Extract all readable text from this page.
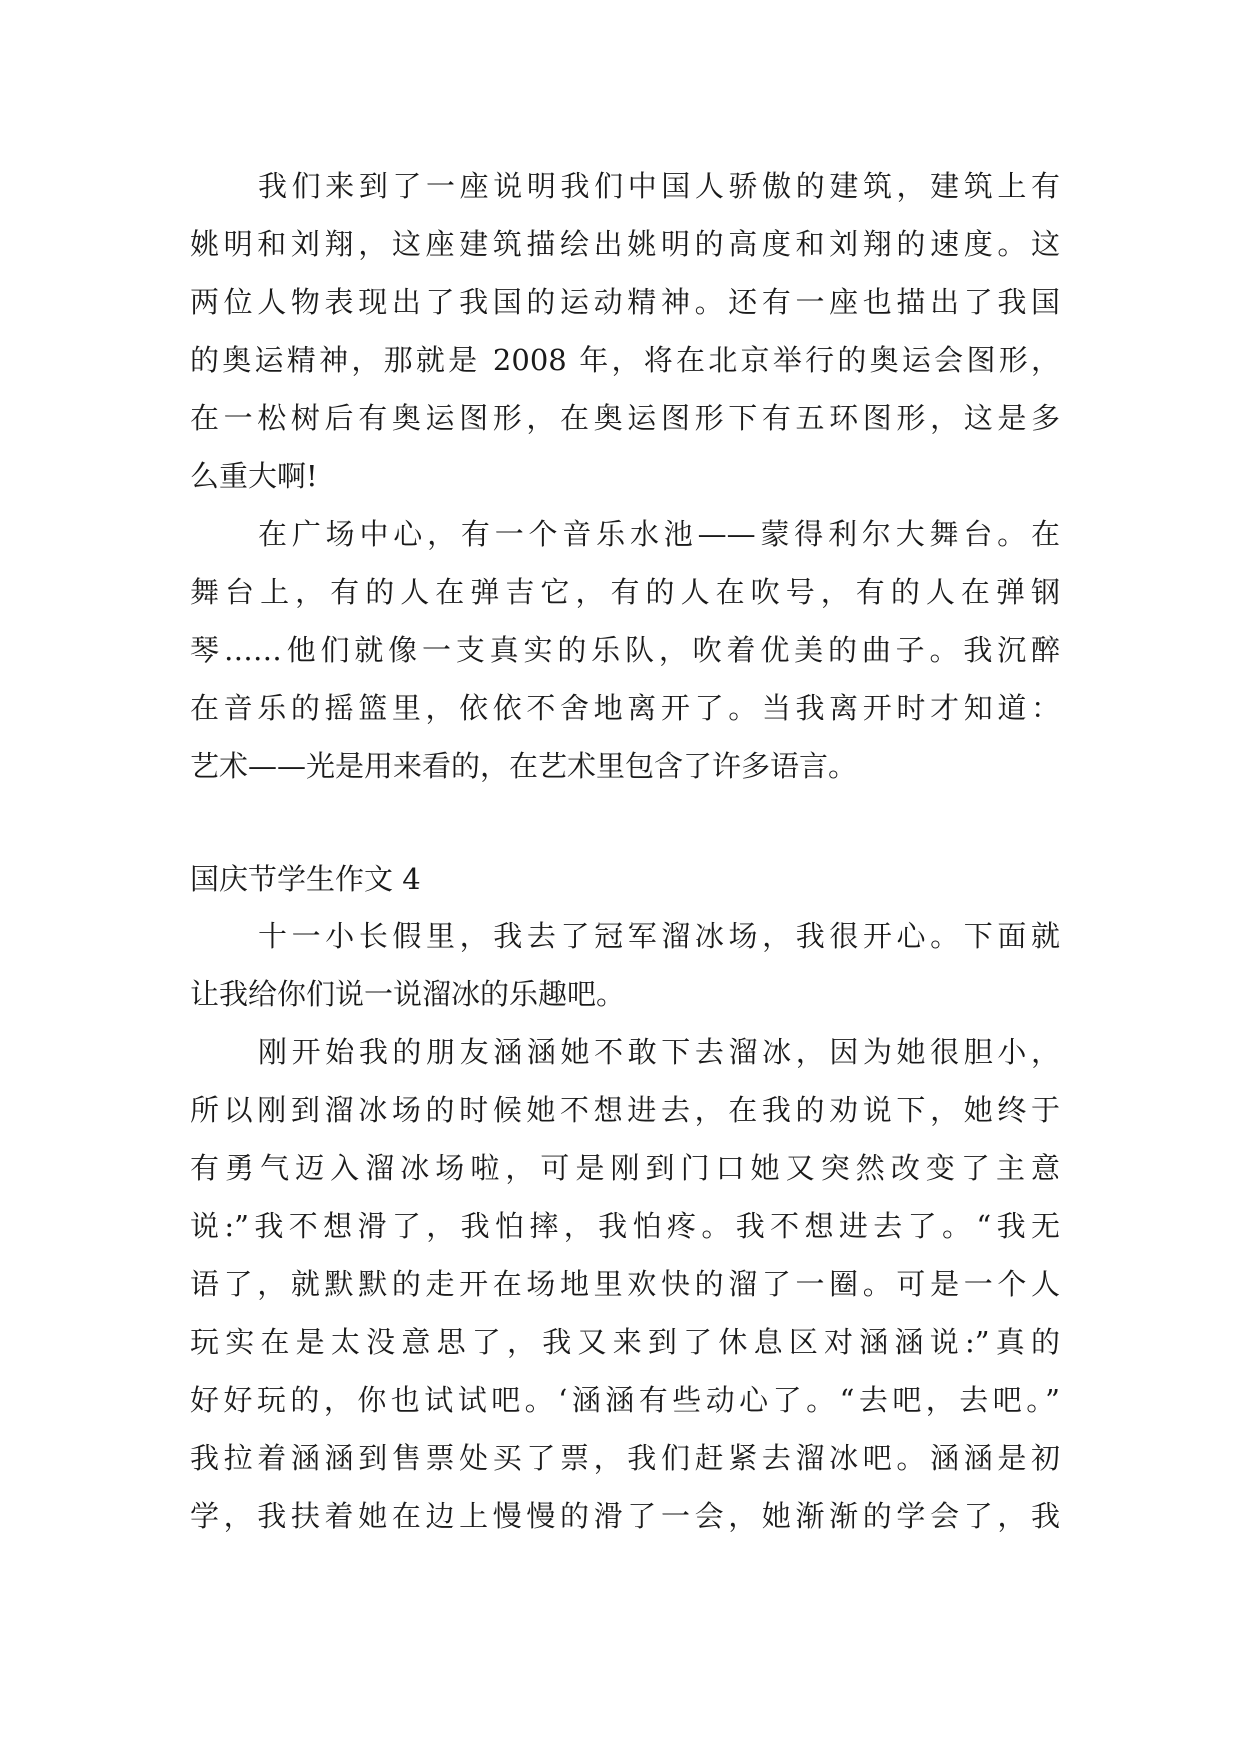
我们来到了一座说明我们中国人骄傲的建筑，建筑上有
姚明和刘翔，这座建筑描绘出姚明的高度和刘翔的速度。这
两位人物表现出了我国的运动精神。还有一座也描出了我国
的奥运精神，那就是 2008 年，将在北京举行的奥运会图形，
在一松树后有奥运图形，在奥运图形下有五环图形，这是多
么重大啊!
在广场中心，有一个音乐水池——蒙得利尔大舞台。在
舞台上，有的人在弹吉它，有的人在吹号，有的人在弹钢
琴……他们就像一支真实的乐队，吹着优美的曲子。我沉醉
在音乐的摇篮里，依依不舍地离开了。当我离开时才知道：
艺术——光是用来看的，在艺术里包含了许多语言。
国庆节学生作文 4
十一小长假里，我去了冠军溜冰场，我很开心。下面就
让我给你们说一说溜冰的乐趣吧。
刚开始我的朋友涵涵她不敢下去溜冰，因为她很胆小，
所以刚到溜冰场的时候她不想进去，在我的劝说下，她终于
有勇气迈入溜冰场啦，可是刚到门口她又突然改变了主意
说:”我不想滑了，我怕摔，我怕疼。我不想进去了。“我无
语了，就默默的走开在场地里欢快的溜了一圈。可是一个人
玩实在是太没意思了，我又来到了休息区对涵涵说:”真的
好好玩的，你也试试吧。‘涵涵有些动心了。“去吧，去吧。”
我拉着涵涵到售票处买了票，我们赶紧去溜冰吧。涵涵是初
学，我扶着她在边上慢慢的滑了一会，她渐渐的学会了，我
